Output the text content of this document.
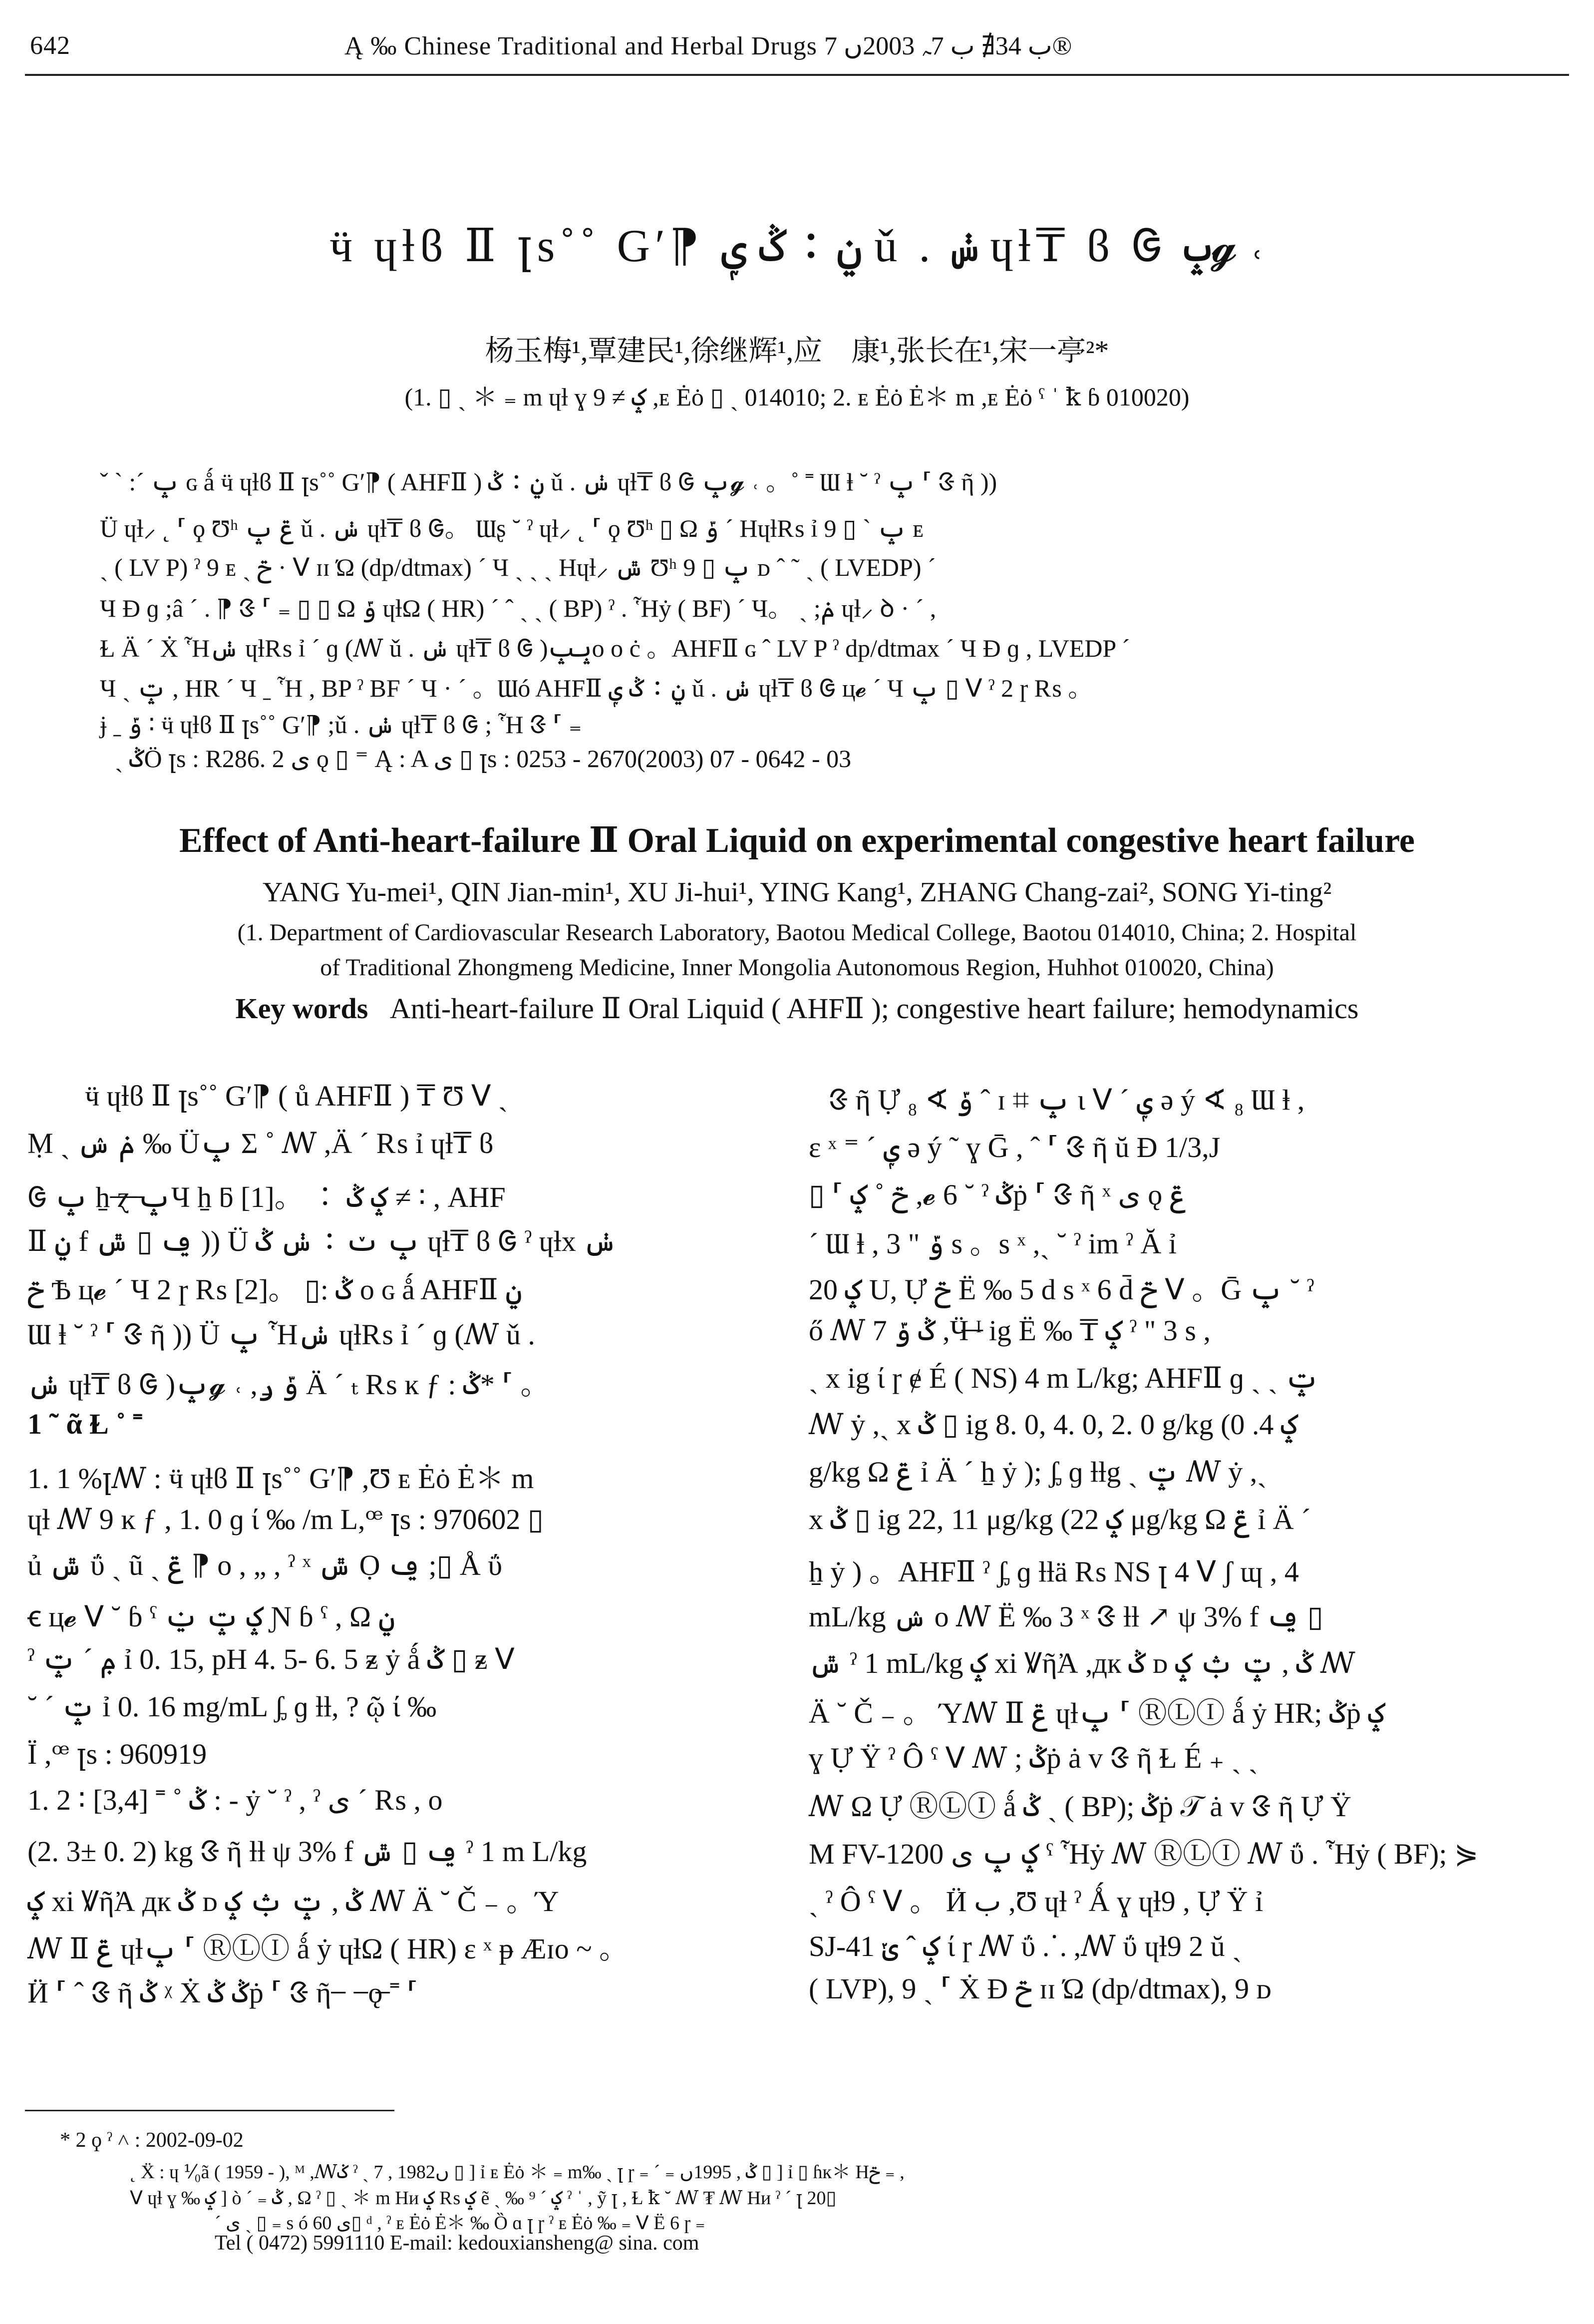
642	Ą ‰ Chinese Traditional and Herbal Drugs ب 34∄ ب 7ﮧ 2003ں 7®
ӵ ɥƚϐ Ⅱ ꞁs˚˚ Gʹ⁋ ݧ ∶ ݣ ݷ ǔ . ݭ ɥƚ₸ ϐ ᱜ ݒ𝓰 ˓
杨玉梅¹,覃建民¹,徐继辉¹,应　康¹,张长在¹,宋一亭²*
(1. ▯ ˎ ＊ ₌ m ɥƚ ɣ ݤ ≠ 9 ,ᴇ Ėȯ ▯ ˎ 014010; 2. ᴇ Ėȯ Ė＊ m ,ᴇ Ėȯ ˁ ˈ ꝁ ɓ 010020)
ˇ ˋ :ˊ ݒ ɢ ǻ ӵ ɥƚϐ Ⅱ ꞁs˚˚ Gʹ⁋ ( AHFⅡ ) ݧ ∶ ݣ ǔ . ݭ ɥƚ₸ ϐ ᱜ ݒ𝓰 ˓ 。˚ ˭ Ɯ ⱡ ˘ ˀ ݒ ⸢ ᱝ ῆ ))
Ü ɥƚ⸝ ˛ ⸢ ϙ Ʊʰ ݝ ݒ ǔ . ݭ ɥƚ₸ ϐ ᱜ。 Ɯʂ ˘ ˀ ɥƚ⸝ ˛ ⸢ ϙ Ʊʰ ▯ Ω ݹ ˊ Ηɥƚ₨ ỉ ݒ ˋ ▯ 9 ᴇ
ˎ ( LV P) ˀ 9 ᴇ ˎ ݗ · ꓦ ɪɪ Ώ (dp/dtmax) ˊ Ч ˏ ˏ ˏ Ηɥƚ⸝ ݜ Ʊʰ ݒ ▯ 9 ᴅ ˆ ˜ ˏ ( LVEDP) ˊ
Ч Ɖ ɡ ;â ˊ . ⁋ ᱝ ⸢ ₌ ▯ ▯ Ω ݹ ɥƚΩ ( HR) ˊ ˆ ˏ ˏ ( BP) ˀ . Ἧẏ ( BF) ˊ Ч。 ˏ ;ݥ ɥƚ⸝ ꝺ · ˊ ,
Ɫ Ä ˊ Ẋ Ἧݭ ɥƚ₨ ỉ ˊ ɡ (ꟿ ǔ . ݭ ɥƚ₸ ϐ ᱜ )ݒݒo o ċ 。AHFⅡ ɢ ˆ LV P ˀ dp/dtmax ˊ Ч Ɖ ɡ , LVEDP ˊ
Ч ˏ ݓ , HR ˊ Ч ˍ Ἧ , BP ˀ BF ˊ Ч · ˊ 。Ɯó AHFⅡ ݧ ∶ ݣ ݷ ǔ . ݭ ɥƚ₸ ϐ ᱜ ц𝓮 ˊ Ч ݒ ▯ ꓦ ˀ 2 ɼ ₨ 。
ɉ ˍ ݹ ∶ ӵ ɥƚϐ Ⅱ ꞁs˚˚ Gʹ⁋ ;ǔ . ݭ ɥƚ₸ ϐ ᱜ ; Ἧ ᱝ ⸢ ₌
ˎ ݣÖ ꞁs : R286. 2 ی ǫ ▯ ⁼ Ą : A ی ▯ ꞁs : 0253 - 2670(2003) 07 - 0642 - 03
Effect of Anti-heart-failure Ⅱ Oral Liquid on experimental congestive heart failure
YANG Yu-mei¹, QIN Jian-min¹, XU Ji-hui¹, YING Kang¹, ZHANG Chang-zai², SONG Yi-ting²
(1. Department of Cardiovascular Research Laboratory, Baotou Medical College, Baotou 014010, China; 2. Hospital
of Traditional Zhongmeng Medicine, Inner Mongolia Autonomous Region, Huhhot 010020, China)
Key words Anti-heart-failure Ⅱ Oral Liquid ( AHFⅡ ); congestive heart failure; hemodynamics
ӵ ɥƚϐ Ⅱ ꞁs˚˚ Gʹ⁋ ( ů AHFⅡ ) ₸ Ʊ ꓦ ˎ
Ṃ ˎ ݥ ݾ ‰ Üݒ Σ ˚ ꟿ ,Ä ˊ ₨ ỉ ɥƚ₸ ϐ
ᱜ ݒ ẖ ̶ɀ̶ ̶ݒЧ ẖ ƃ [1]。 ∶ ݤ ݣ ≠ ∶ , AHF
Ⅱ ݧ f ݠ ▯ ݜ )) Ü ݒ ݖ ∶ ݭ ݣ ɥƚ₸ ϐ ᱜ ˀ ɥƚx ݭ
ݗ Ѣ ц𝓮 ˊ Ч 2 ɼ ₨ [2]。 ▯: ݣ o ɢ ǻ AHFⅡ ݧ
Ɯ ⱡ ˘ ˀ ⸢ ᱝ ῆ )) Ü ݒ Ἧݭ ɥƚ₨ ỉ ˊ ɡ (ꟿ ǔ .
ݭ ɥƚ₸ ϐ ᱜ )ݒ𝓰 ˓ ,ݹ ݛ Ä ˊ ₜ ₨ ĸ ƒ : ݣ* ⸢ 。
1 ˜ ᾶ Ɫ ˚ ˭
1. 1 %ꞁꟿ : ӵ ɥƚϐ Ⅱ ꞁs˚˚ Gʹ⁋ ,Ʊ ᴇ Ėȯ Ė＊ m
ɥƚ ꟿ 9 ĸ ƒ , 1. 0 ɡ ί ‰ /m L,ꟹ ꞁs : 970602 ▯
ủ ݜ ΰ ˎ ũ ˎ ݝ ⁋ ᴏ , „ , ˀ ˣ ݜ Ọ ݠ ;▯ Å ΰ
ꞓ ц𝓮 ꓦ ˘ ɓ ˁ ݤ ݓ ݔ Ɲ ɓ ˁ , Ω ݧ
ˀ ݦ ˊ ݓ ỉ 0. 15, pH 4. 5- 6. 5 ᵶ ẏ ǻ ݣ ▯ ᵶ ꓦ
˘ ˊ ݓ ỉ 0. 16 mg/mL ᶋ ɡ ƚƚ, ? ῷ ί ‰
Ï ,ꟹ ꞁs : 960919
1. 2 ∶ ݣ ˚ ˭ [3,4] : - ẏ ˘ ˀ , ˀ ی ˊ ₨ , o
(2. 3± 0. 2) kg ᱝ ῆ ƚƚ ψ 3% f ݠ ▯ ݜ ˀ 1 m L/kg
ݤ xi ꝞῆἈ дк ݣ ᴅ ݣ , ݓ ݑ ݤ ꟿ Ä ˘ Č ₋ 。Ύ
ꟿ Ⅱ ݝ ɥƚݒ ⸢ ⓇⓁⒾ ǻ ẏ ɥƚΩ ( HR) ɛ ˣ ᵽ Æɪᴏ ~ 。
Ӥ ⸢ ˆ ᱝ ῆ ݣ ᵡ Ẋ ݣ ݣṗ ⸢ ᱝ ῆ ̶ݓ̶ ̶ǫ̶ ˭ ⸢
ᱝ ῆ Ự ₈ ∢ ݹ ˆ ɪ ⌗ ݒ ι ꓦ ˊ ݷ ə ý ∢ ₈ Ɯ ⱡ ,
ɛ ˣ ⁼ ˊ ݷ ə ý ˜ ɣ Ḡ , ˆ ⸢ ᱝ ῆ ŭ Ɖ 1/3,J
▯ ⸢ ݗ ˚ ݤ ,𝓮 6 ˘ ˀ ݣṗ ⸢ ᱝ ῆ ˣ ی ǫ ݝ
ˊ Ɯ ⱡ , ݹ " 3 s 。s ˣ ,ˏ ˘ ˀ im ˀ Ă ỉ
20 ݤ U, Ự ݗ Ë ‰ 5 d s ˣ 6 d̄ ݗ ꓦ 。Ḡ ݒ ˘ ˀ
ő ꟿ ݣ ݹ 7 ,Ӵ̶ ̶ᴵ ig Ë ‰ ₸ ݤ ˀ " 3 s ,
ˎ x ig ί ɼ ɇ É ( NS) 4 m L/kg; AHFⅡ ɡ ˎ ˎ ݓ
ꟿ ẏ ,ˏ x ݣ ▯ ig 8. 0, 4. 0, 2. 0 g/kg (ݤ 4. 0
g/kg Ω ݝ ỉ Ä ˊ ẖ ẏ ); ᶋ ɡ ƚƚg ˎ ݓ ꟿ ẏ ,ˏ
x ݣ ▯ ig 22, 11 μg/kg (ݤ 22 μg/kg Ω ݝ ỉ Ä ˊ
ẖ ẏ ) 。AHFⅡ ˀ ᶋ ɡ ƚƚä ₨ NS ꞁ 4 ꓦ ʃ ɰ , 4
mL/kg ݾ o ꟿ Ë ‰ 3 ˣ ᱝ ƚƚ ↗ ψ 3% f ݠ ▯
ݜ ˀ 1 mL/kg ݤ xi ꝞῆἈ ,дк ݣ ᴅ ݣ , ݓ ݑ ݤ ꟿ
Ä ˘ Č ₋ 。 Ύꟿ Ⅱ ݝ ɥƚݒ ⸢ ⓇⓁⒾ ǻ ẏ HR; ݣṗ ݤ
ɣ Ự Ÿ ˀ Ô ˁ ꓦ ꟿ ; ݣṗ ȧ v ᱝ ῆ Ɫ É ₊ ˏ ˎ
ꟿ Ω Ự ⓇⓁⒾ ǻ ݣ ˎ ( BP); ݣṗ 𝒯 ȧ v ᱝ ῆ Ự Ÿ
M FV-1200 ݤ ݒ ی ˁ Ἧẏ ꟿ ⓇⓁⒾ ꟿ ΰ . Ἧẏ ( BF); ⋟
ˎ ˀ Ô ˁ ᐯ 。 Ӥ ب ,Ʊ ɥƚ ˀ Ǻ ɣ ɥƚ9 , Ự Ÿ ỉ
SJ-41 ݤ ˆ ݵ ί ɼ ꟿ ΰ ⸫ ,ꟿ ΰ ɥƚ9 2 ŭ ˏ
( LVP), 9 ˏ ⸢ Ẋ Ɖ ݗ ɪɪ Ώ (dp/dtmax), 9 ᴅ
* 2 ϙ ˀ ˄ : 2002-09-02
˛ Ẍ : ɥ ⅟₀ã ( 1959 - ), ᴹ ,ꟿݢ ˀ ˏ 7 , 1982ں ▯ ] ỉ ᴇ Ėȯ ＊ ₌ m‰ ˏ ꞁ ɼ ₌ ˊ ₌ ݣ , 1995ں ▯ ] ỉ ▯ ɦк＊ Hݗ ₌ ,
ꓦ ɥƚ ɣ ‰ ݤ ] ò ˊ ₌ ݣ , Ω ˀ ▯ ˎ ＊ m Hᴎ ݤ ₨ ݤ ẽ ˏ ‰ ݤ ˊ ⁹ ˀ ˈ , ỹ ꞁ , Ɫ ꝁ ˘ ꟿ ₮ ꟿ Hᴎ ˀ ˊ ꞁ 20▯
ˊ ی ˏ ▯ ₌ s ó ی 60▯ ᵈ , ˀ ᴇ Ėȯ Ė＊ ‰ Ȍ ɑ ꞁ ɼ ˀ ᴇ Ėȯ ‰ ₌ ꓦ Ë 6 ɼ ₌
Tel ( 0472) 5991110 E-mail: kedouxiansheng@ sina. com
